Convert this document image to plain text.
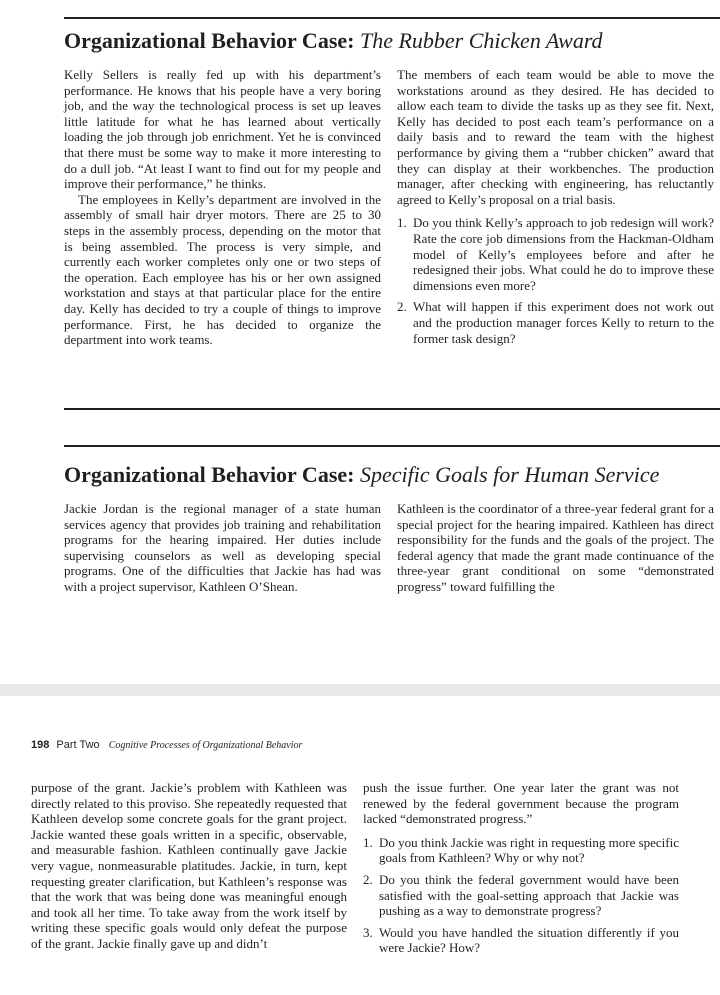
Organizational Behavior Case: The Rubber Chicken Award

Kelly Sellers is really fed up with his department’s performance. He knows that his people have a very boring job, and the way the technological process is set up leaves little latitude for what he has learned about vertically loading the job through job enrichment. Yet he is convinced that there must be some way to make it more interesting to do a dull job. “At least I want to find out for my people and improve their performance,” he thinks.

The employees in Kelly’s department are involved in the assembly of small hair dryer motors. There are 25 to 30 steps in the assembly process, depending on the motor that is being assembled. The process is very simple, and currently each worker completes only one or two steps of the operation. Each employee has his or her own assigned workstation and stays at that particular place for the entire day. Kelly has decided to try a couple of things to improve performance. First, he has decided to organize the department into work teams.

The members of each team would be able to move the workstations around as they desired. He has decided to allow each team to divide the tasks up as they see fit. Next, Kelly has decided to post each team’s performance on a daily basis and to reward the team with the highest performance by giving them a “rubber chicken” award that they can display at their workbenches. The production manager, after checking with engineering, has reluctantly agreed to Kelly’s proposal on a trial basis.

1. Do you think Kelly’s approach to job redesign will work? Rate the core job dimensions from the Hackman-Oldham model of Kelly’s employees before and after he redesigned their jobs. What could he do to improve these dimensions even more?
2. What will happen if this experiment does not work out and the production manager forces Kelly to return to the former task design?
Organizational Behavior Case: Specific Goals for Human Service

Jackie Jordan is the regional manager of a state human services agency that provides job training and rehabilitation programs for the hearing impaired. Her duties include supervising counselors as well as developing special programs. One of the difficulties that Jackie has had was with a project supervisor, Kathleen O’Shean.

Kathleen is the coordinator of a three-year federal grant for a special project for the hearing impaired. Kathleen has direct responsibility for the funds and the goals of the project. The federal agency that made the grant made continuance of the three-year grant conditional on some “demonstrated progress” toward fulfilling the

198 Part Two Cognitive Processes of Organizational Behavior

purpose of the grant. Jackie’s problem with Kathleen was directly related to this proviso. She repeatedly requested that Kathleen develop some concrete goals for the grant project. Jackie wanted these goals written in a specific, observable, and measurable fashion. Kathleen continually gave Jackie very vague, nonmeasurable platitudes. Jackie, in turn, kept requesting greater clarification, but Kathleen’s response was that the work that was being done was meaningful enough and took all her time. To take away from the work itself by writing these specific goals would only defeat the purpose of the grant. Jackie finally gave up and didn’t

push the issue further. One year later the grant was not renewed by the federal government because the program lacked “demonstrated progress.”

1. Do you think Jackie was right in requesting more specific goals from Kathleen? Why or why not?
2. Do you think the federal government would have been satisfied with the goal-setting approach that Jackie was pushing as a way to demonstrate progress?
3. Would you have handled the situation differently if you were Jackie? How?
